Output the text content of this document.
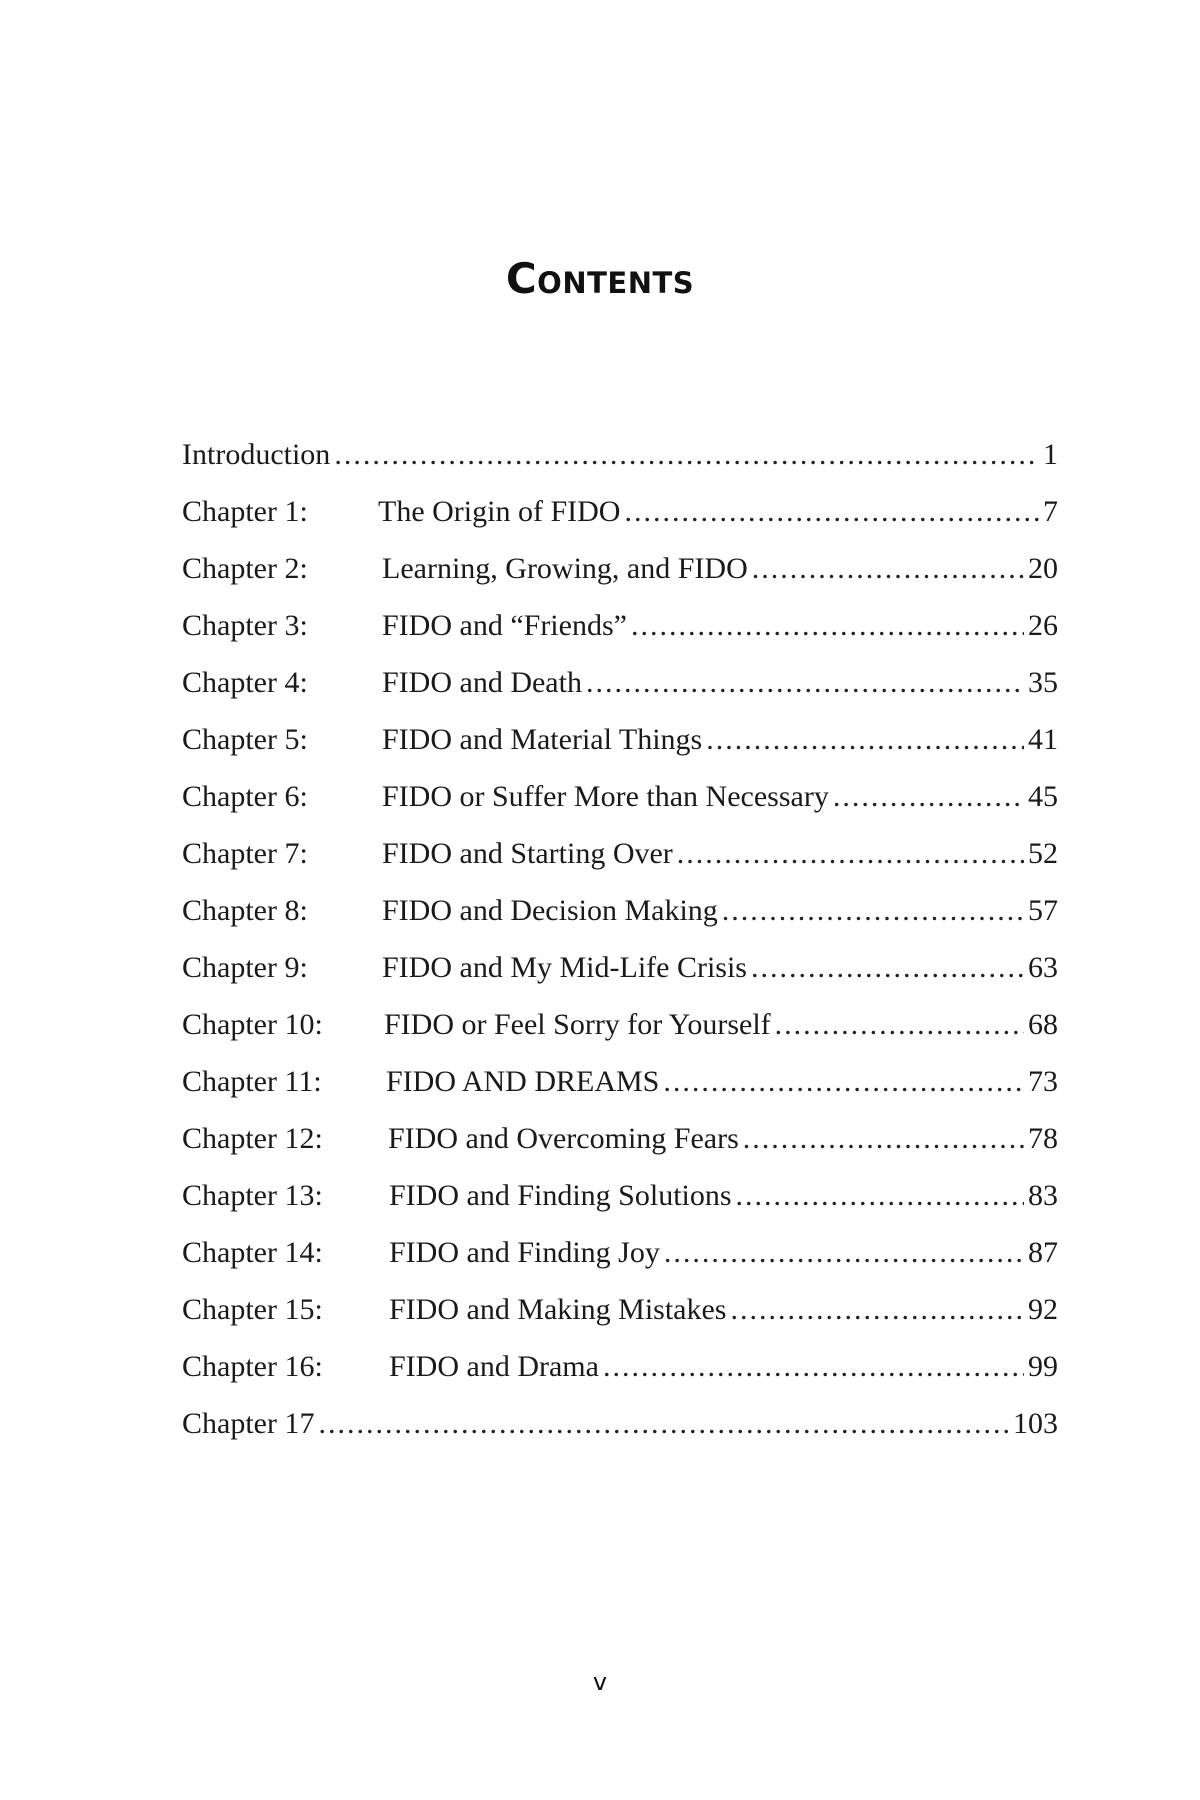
Contents
Introduction .....	1
Chapter 1:	The Origin of FIDO .....	7
Chapter 2:	Learning, Growing, and FIDO .....	20
Chapter 3:	FIDO and “Friends” .....	26
Chapter 4:	FIDO and Death .....	35
Chapter 5:	FIDO and Material Things .....	41
Chapter 6:	FIDO or Suffer More than Necessary .....	45
Chapter 7:	FIDO and Starting Over .....	52
Chapter 8:	FIDO and Decision Making .....	57
Chapter 9:	FIDO and My Mid-Life Crisis .....	63
Chapter 10:	FIDO or Feel Sorry for Yourself .....	68
Chapter 11:	FIDO AND DREAMS .....	73
Chapter 12:	FIDO and Overcoming Fears .....	78
Chapter 13:	FIDO and Finding Solutions .....	83
Chapter 14:	FIDO and Finding Joy .....	87
Chapter 15:	FIDO and Making Mistakes .....	92
Chapter 16:	FIDO and Drama .....	99
Chapter 17 .....	103
v
